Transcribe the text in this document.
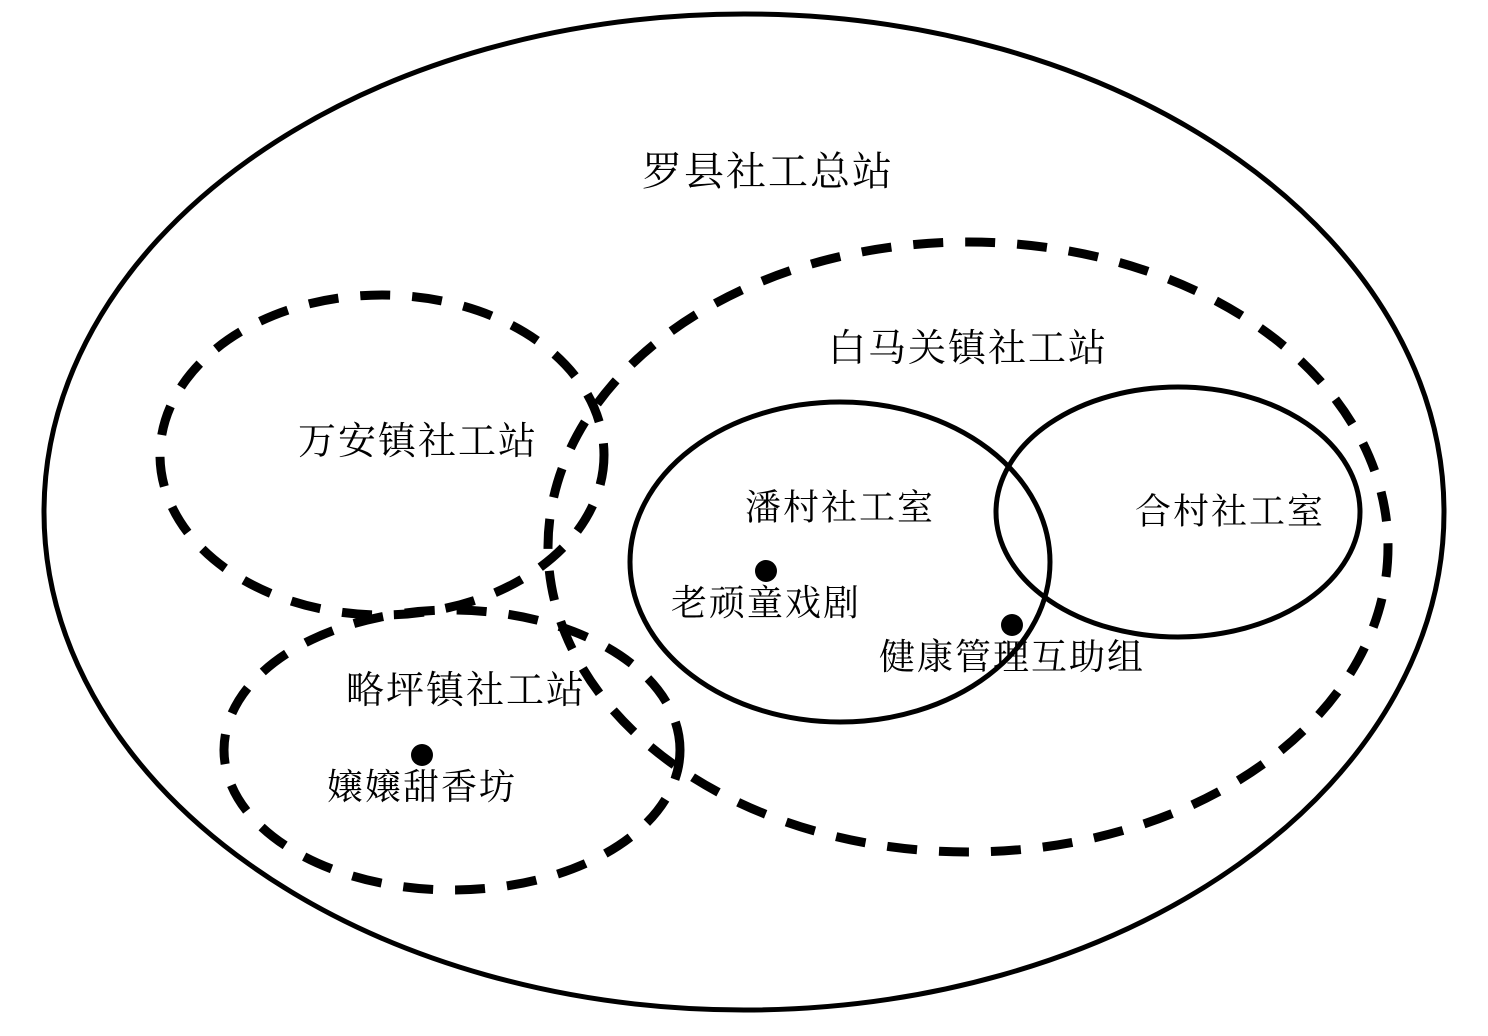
罗县社工总站
白马关镇社工站
万安镇社工站
略坪镇社工站
潘村社工室	合村社工室
老顽童戏剧
健康管理互助组
嬢嬢甜香坊
